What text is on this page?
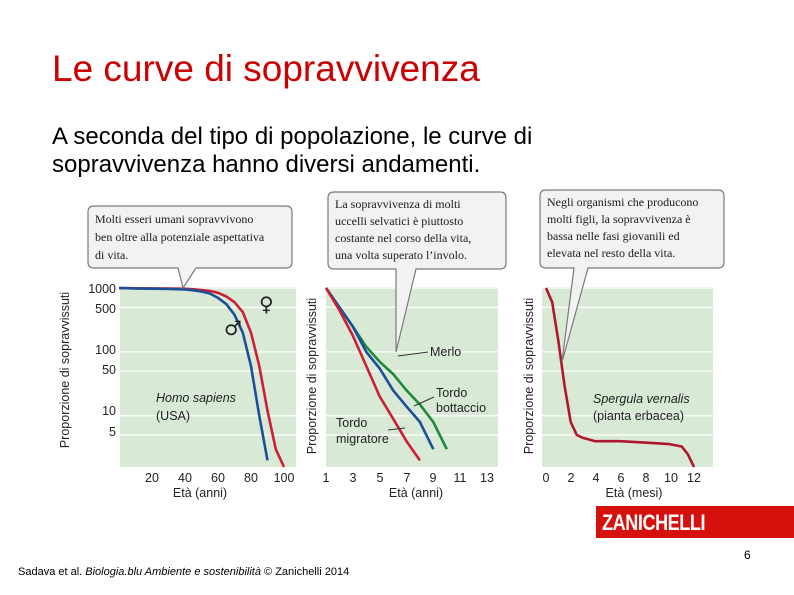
Le curve di sopravvivenza
A seconda del tipo di popolazione, le curve di sopravvivenza hanno diversi andamenti.
1000
500
100
50
10
5
20 40 60 80 100 1 3 5 7 9 11 13	0 2 4 6 8 10 12
Età (anni)	Età (anni)	Età (mesi)
Proporzione di sopravvissuti	Proporzione di sopravvissuti	Proporzione di sopravvissuti
Homo sapiens
(USA)
♀
♂
Merlo
Tordo
bottaccio
Tordo
migratore
Spergula vernalis
(pianta erbacea)
Molti esseri umani sopravvivono
ben oltre alla potenziale aspettativa
di vita.
La sopravvivenza di molti
uccelli selvatici è piuttosto
costante nel corso della vita,
una volta superato l’involo.
Negli organismi che producono
molti figli, la sopravvivenza è
bassa nelle fasi giovanili ed
elevata nel resto della vita.
ZANICHELLI
6
Sadava et al. Biologia.blu Ambiente e sostenibilità © Zanichelli 2014
